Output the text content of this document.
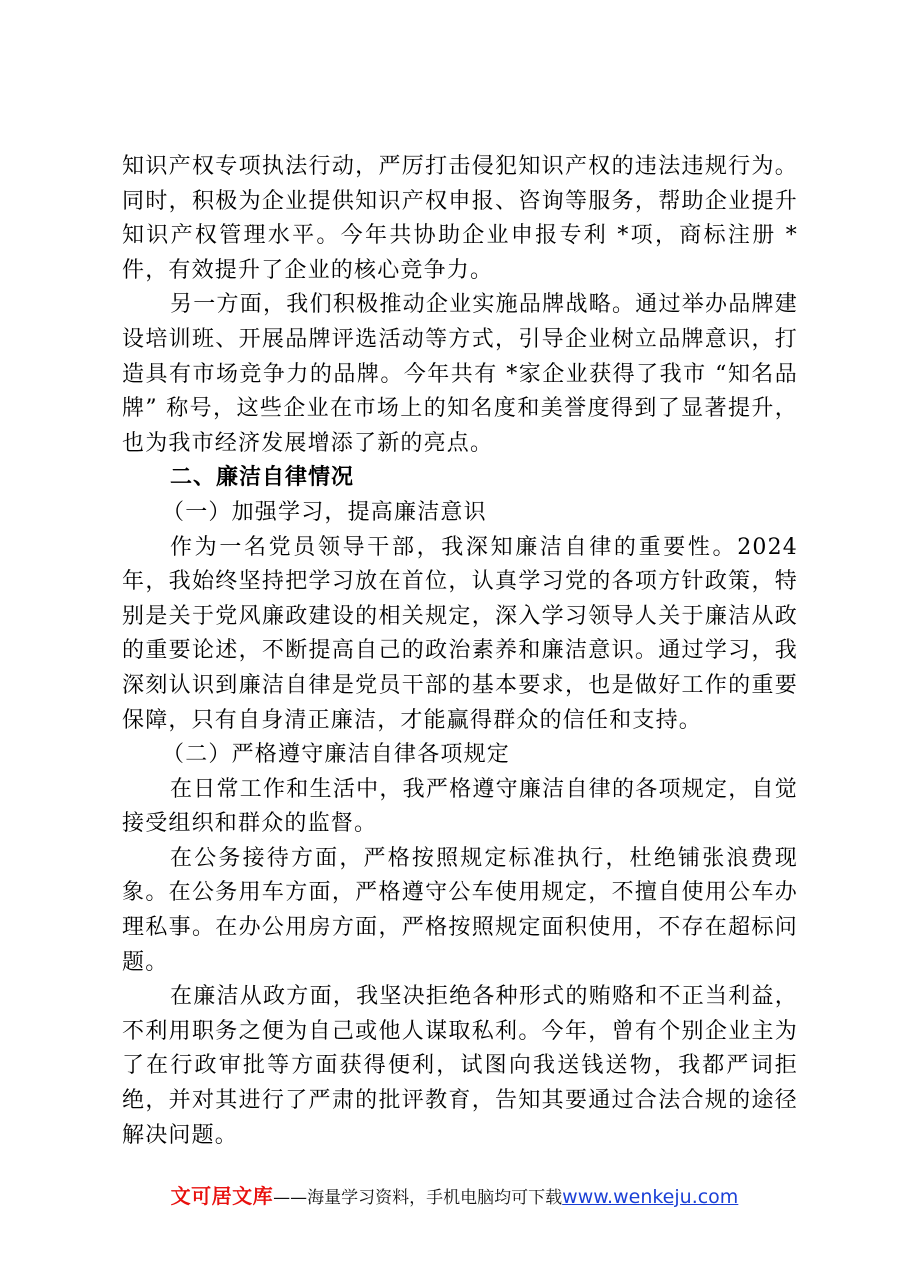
知识产权专项执法行动，严厉打击侵犯知识产权的违法违规行为。同时，积极为企业提供知识产权申报、咨询等服务，帮助企业提升知识产权管理水平。今年共协助企业申报专利 *项，商标注册 *件，有效提升了企业的核心竞争力。

另一方面，我们积极推动企业实施品牌战略。通过举办品牌建设培训班、开展品牌评选活动等方式，引导企业树立品牌意识，打造具有市场竞争力的品牌。今年共有 *家企业获得了我市 “知名品牌” 称号，这些企业在市场上的知名度和美誉度得到了显著提升，也为我市经济发展增添了新的亮点。

二、廉洁自律情况

（一）加强学习，提高廉洁意识

作为一名党员领导干部，我深知廉洁自律的重要性。2024年，我始终坚持把学习放在首位，认真学习党的各项方针政策，特别是关于党风廉政建设的相关规定，深入学习领导人关于廉洁从政的重要论述，不断提高自己的政治素养和廉洁意识。通过学习，我深刻认识到廉洁自律是党员干部的基本要求，也是做好工作的重要保障，只有自身清正廉洁，才能赢得群众的信任和支持。

（二）严格遵守廉洁自律各项规定

在日常工作和生活中，我严格遵守廉洁自律的各项规定，自觉接受组织和群众的监督。

在公务接待方面，严格按照规定标准执行，杜绝铺张浪费现象。在公务用车方面，严格遵守公车使用规定，不擅自使用公车办理私事。在办公用房方面，严格按照规定面积使用，不存在超标问题。

在廉洁从政方面，我坚决拒绝各种形式的贿赂和不正当利益，不利用职务之便为自己或他人谋取私利。今年，曾有个别企业主为了在行政审批等方面获得便利，试图向我送钱送物，我都严词拒绝，并对其进行了严肃的批评教育，告知其要通过合法合规的途径解决问题。

文可居文库——海量学习资料，手机电脑均可下载www.wenkeju.com
